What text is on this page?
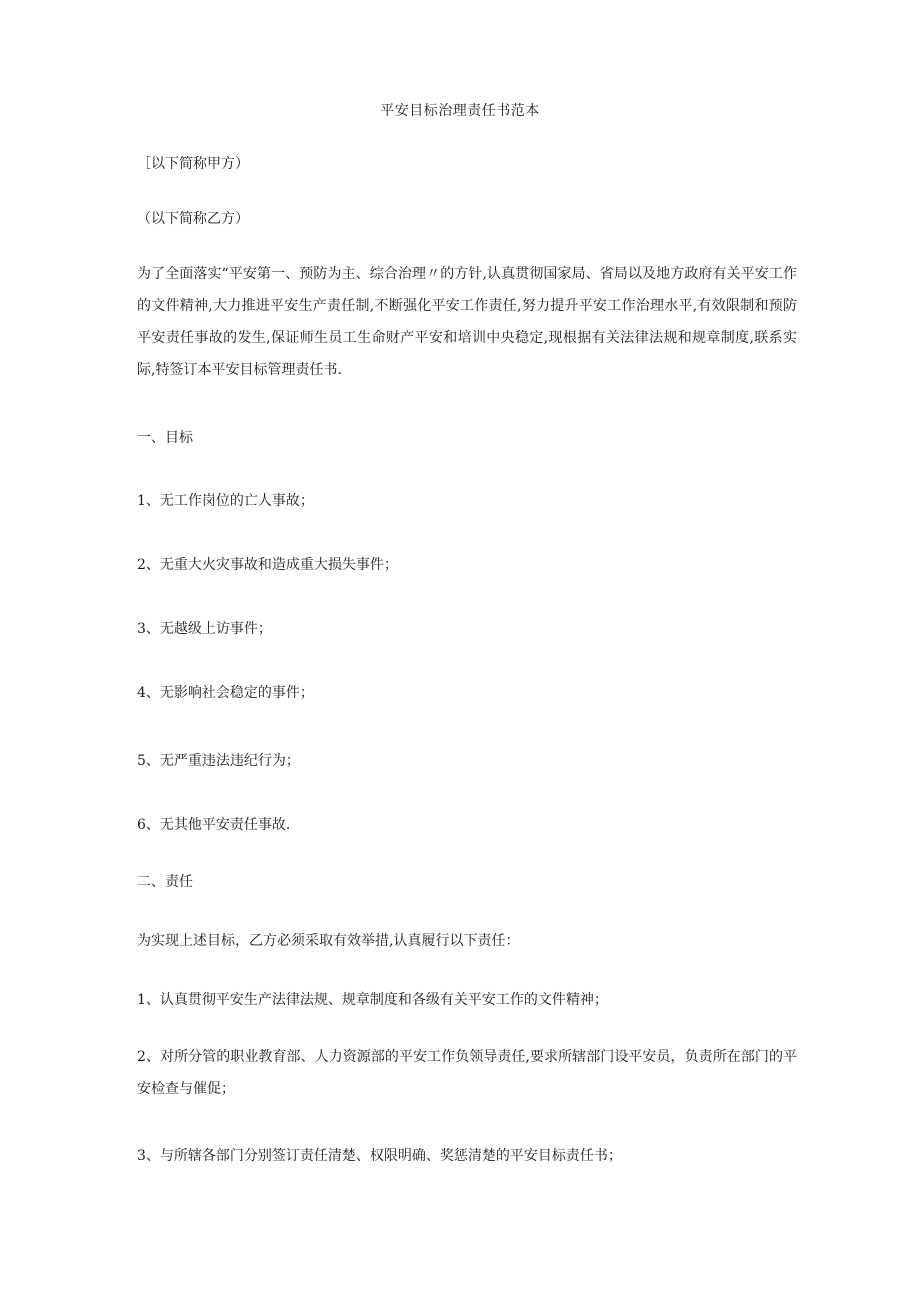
平安目标治理责任书范本
［以下简称甲方）
（以下简称乙方）
为了全面落实“平安第一、预防为主、综合治理〃的方针,认真贯彻国家局、省局以及地方政府有关平安工作的文件精神,大力推进平安生产责任制,不断强化平安工作责任,努力提升平安工作治理水平,有效限制和预防平安责任事故的发生,保证师生员工生命财产平安和培训中央稳定,现根据有关法律法规和规章制度,联系实际,特签订本平安目标管理责任书.
一、目标
1、无工作岗位的亡人事故；
2、无重大火灾事故和造成重大损失事件；
3、无越级上访事件；
4、无影响社会稳定的事件；
5、无严重违法违纪行为；
6、无其他平安责任事故.
二、责任
为实现上述目标，乙方必须采取有效举措,认真履行以下责任：
1、认真贯彻平安生产法律法规、规章制度和各级有关平安工作的文件精神；
2、对所分管的职业教育部、人力资源部的平安工作负领导责任,要求所辖部门设平安员，负责所在部门的平安检查与催促；
3、与所辖各部门分别签订责任清楚、权限明确、奖惩清楚的平安目标责任书；
